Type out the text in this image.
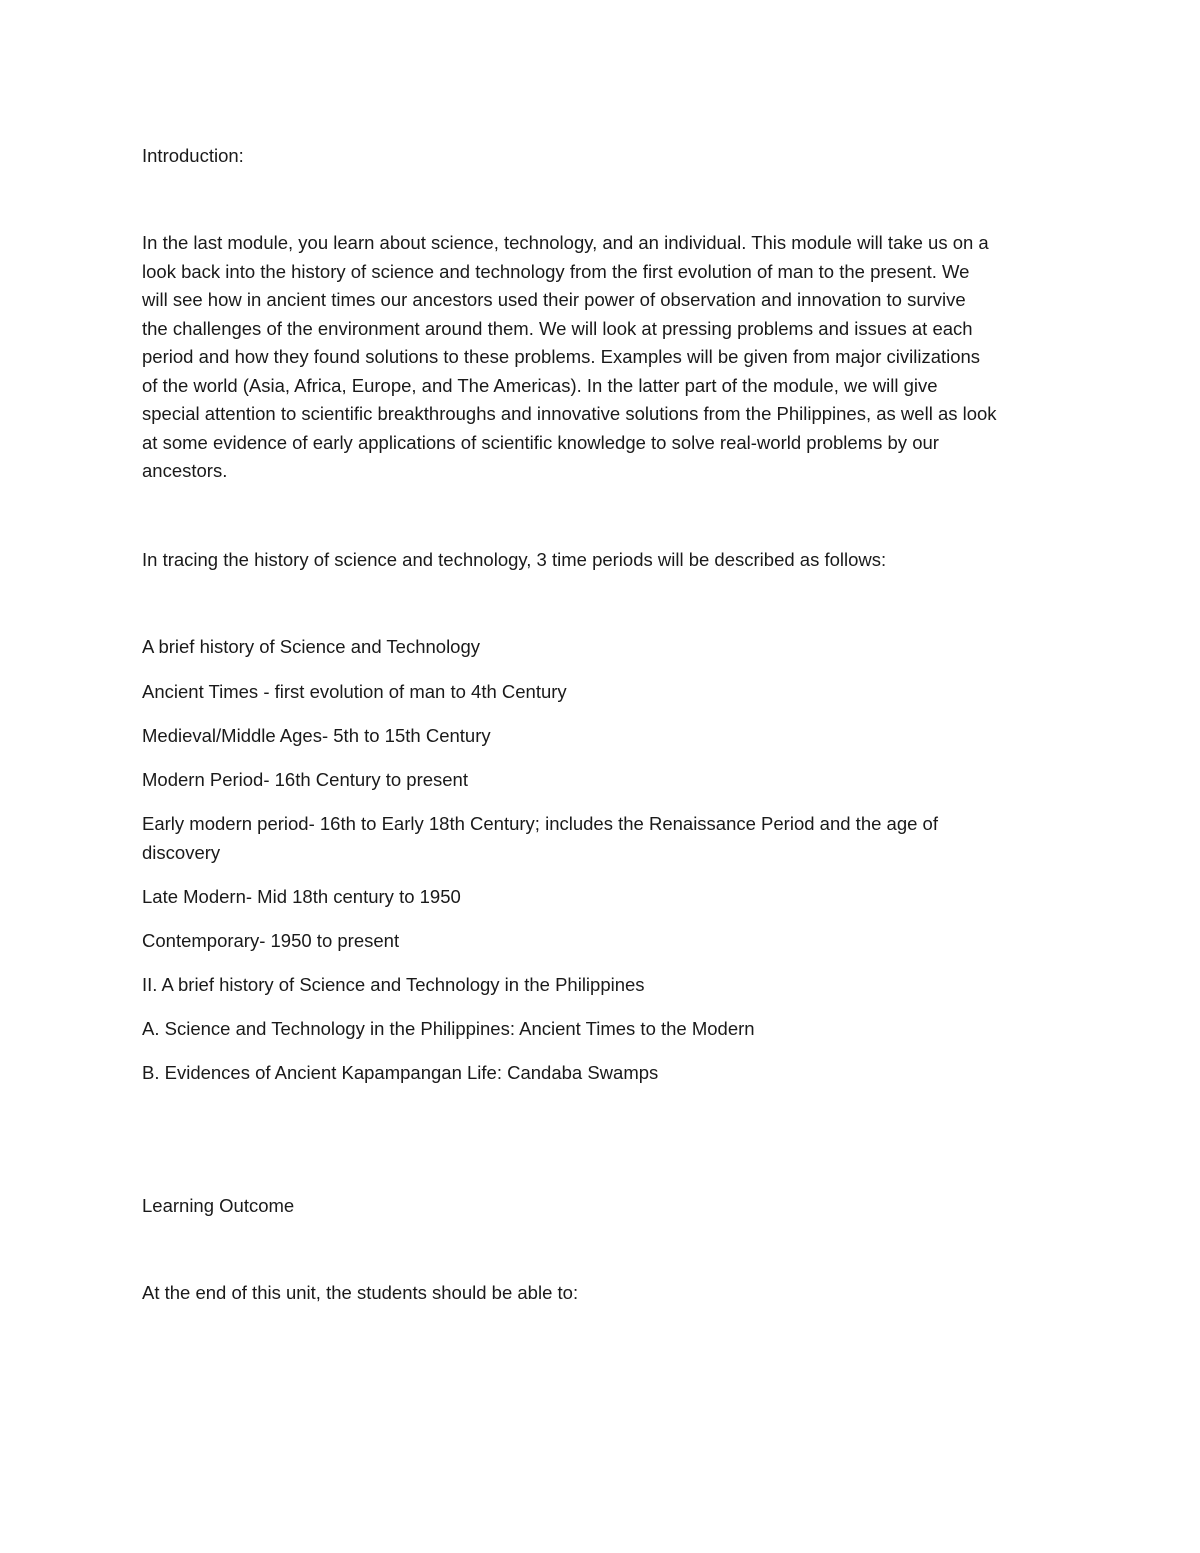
Introduction:

In the last module, you learn about science, technology, and an individual. This module will take us on a
look back into the history of science and technology from the first evolution of man to the present. We
will see how in ancient times our ancestors used their power of observation and innovation to survive
the challenges of the environment around them. We will look at pressing problems and issues at each
period and how they found solutions to these problems. Examples will be given from major civilizations
of the world (Asia, Africa, Europe, and The Americas). In the latter part of the module, we will give
special attention to scientific breakthroughs and innovative solutions from the Philippines, as well as look
at some evidence of early applications of scientific knowledge to solve real-world problems by our
ancestors.

In tracing the history of science and technology, 3 time periods will be described as follows:

A brief history of Science and Technology

Ancient Times - first evolution of man to 4th Century

Medieval/Middle Ages- 5th to 15th Century

Modern Period- 16th Century to present

Early modern period- 16th to Early 18th Century; includes the Renaissance Period and the age of

discovery

Late Modern- Mid 18th century to 1950

Contemporary- 1950 to present

II. A brief history of Science and Technology in the Philippines

A. Science and Technology in the Philippines: Ancient Times to the Modern

B. Evidences of Ancient Kapampangan Life: Candaba Swamps

Learning Outcome

At the end of this unit, the students should be able to:
